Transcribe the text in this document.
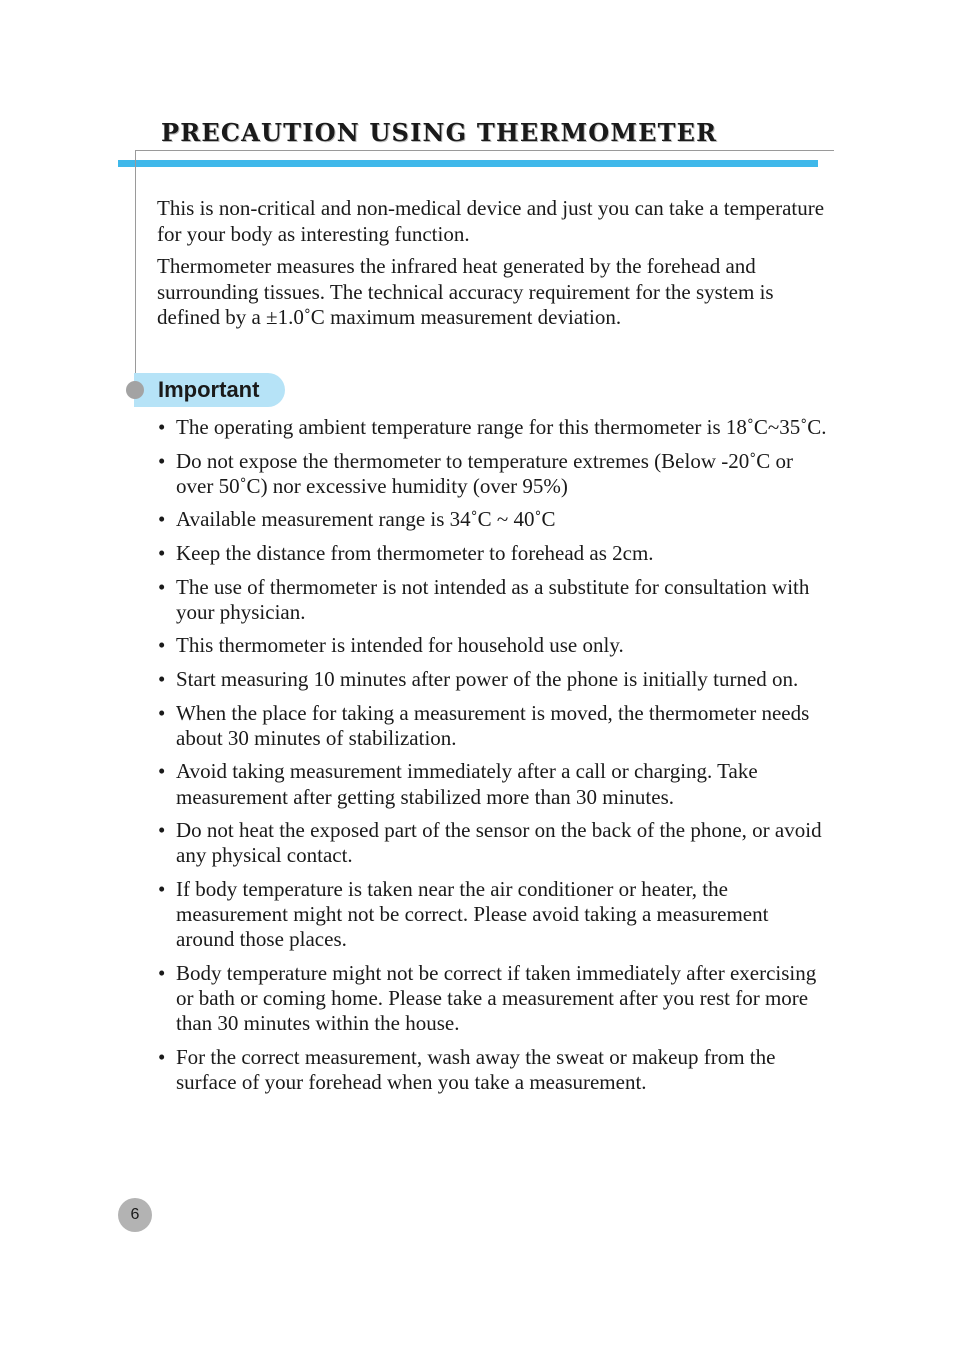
PRECAUTION USING THERMOMETER

This is non-critical and non-medical device and just you can take a temperature for your body as interesting function.

Thermometer measures the infrared heat generated by the forehead and surrounding tissues. The technical accuracy requirement for the system is defined by a ±1.0˚C maximum measurement deviation.

Important
• The operating ambient temperature range for this thermometer is 18˚C~35˚C.
• Do not expose the thermometer to temperature extremes (Below -20˚C or over 50˚C) nor excessive humidity (over 95%)
• Available measurement range is 34˚C ~ 40˚C
• Keep the distance from thermometer to forehead as 2cm.
• The use of thermometer is not intended as a substitute for consultation with your physician.
• This thermometer is intended for household use only.
• Start measuring 10 minutes after power of the phone is initially turned on.
• When the place for taking a measurement is moved, the thermometer needs about 30 minutes of stabilization.
• Avoid taking measurement immediately after a call or charging. Take measurement after getting stabilized more than 30 minutes.
• Do not heat the exposed part of the sensor on the back of the phone, or avoid any physical contact.
• If body temperature is taken near the air conditioner or heater, the measurement might not be correct. Please avoid taking a measurement around those places.
• Body temperature might not be correct if taken immediately after exercising or bath or coming home. Please take a measurement after you rest for more than 30 minutes within the house.
• For the correct measurement, wash away the sweat or makeup from the surface of your forehead when you take a measurement.
6
